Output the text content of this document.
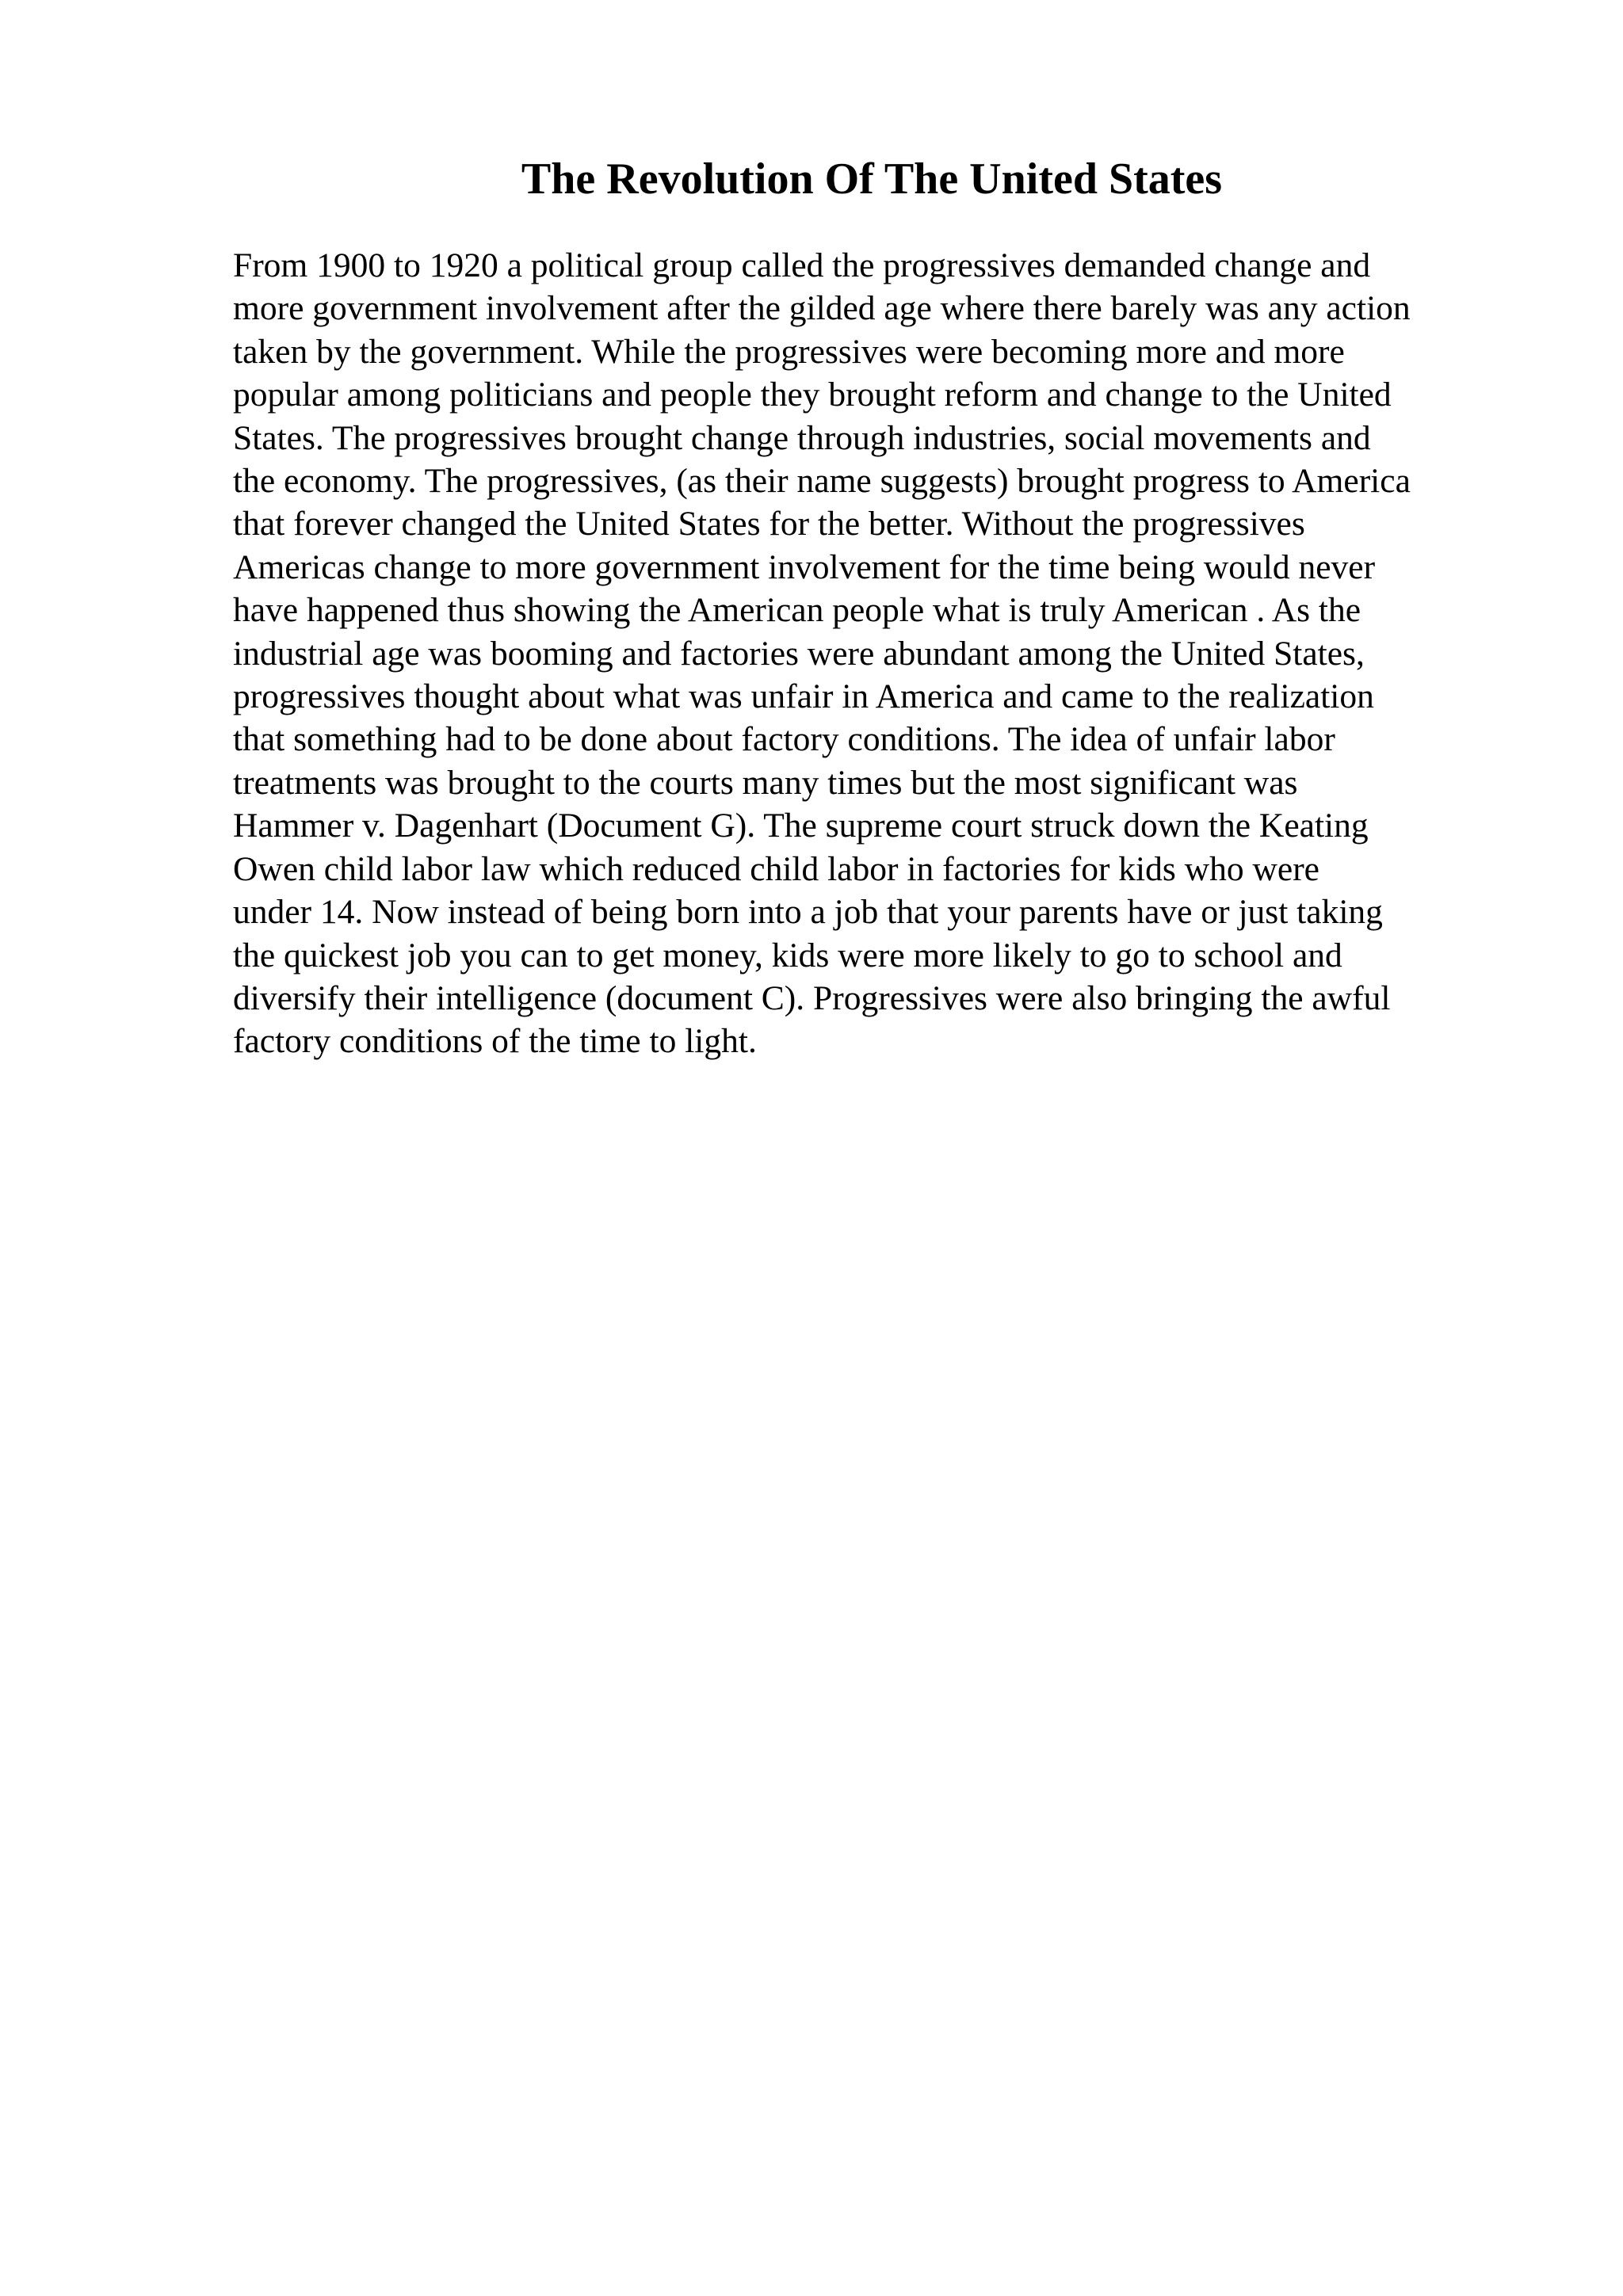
The Revolution Of The United States
From 1900 to 1920 a political group called the progressives demanded change and
more government involvement after the gilded age where there barely was any action
taken by the government. While the progressives were becoming more and more
popular among politicians and people they brought reform and change to the United
States. The progressives brought change through industries, social movements and
the economy. The progressives, (as their name suggests) brought progress to America
that forever changed the United States for the better. Without the progressives
Americas change to more government involvement for the time being would never
have happened thus showing the American people what is truly American . As the
industrial age was booming and factories were abundant among the United States,
progressives thought about what was unfair in America and came to the realization
that something had to be done about factory conditions. The idea of unfair labor
treatments was brought to the courts many times but the most significant was
Hammer v. Dagenhart (Document G). The supreme court struck down the Keating
Owen child labor law which reduced child labor in factories for kids who were
under 14. Now instead of being born into a job that your parents have or just taking
the quickest job you can to get money, kids were more likely to go to school and
diversify their intelligence (document C). Progressives were also bringing the awful
factory conditions of the time to light.
